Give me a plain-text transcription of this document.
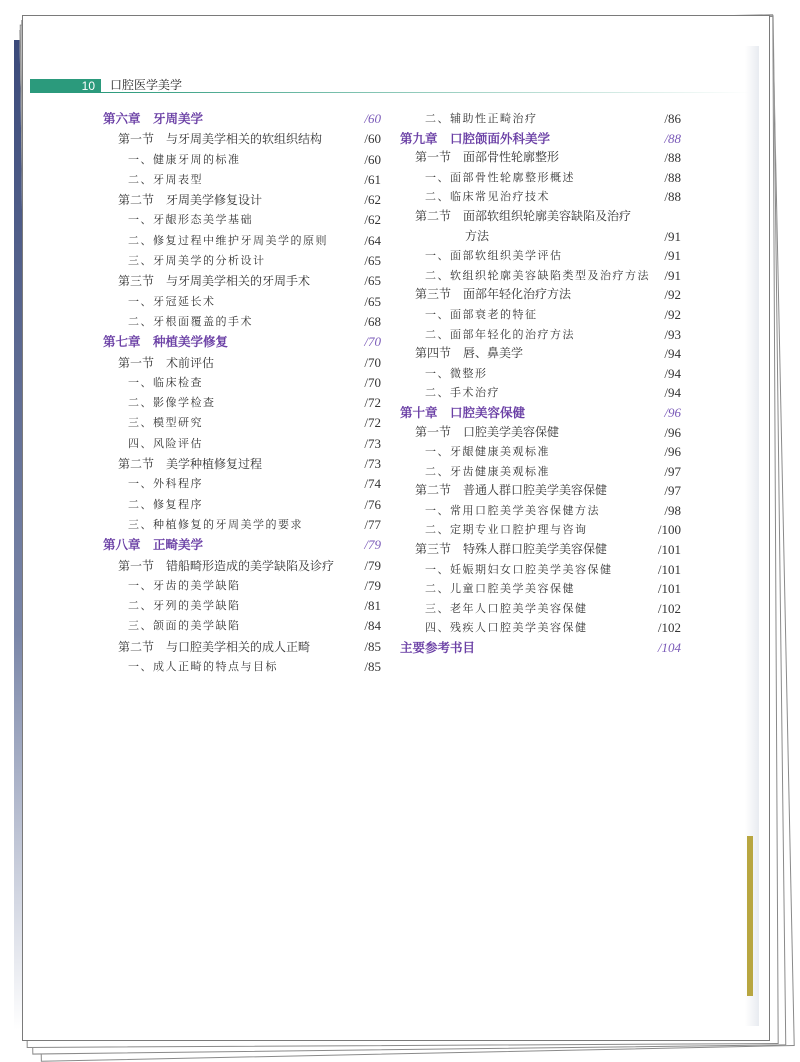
10	口腔医学美学
第六章　牙周美学	/60
第一节　与牙周美学相关的软组织结构	/60
一、健康牙周的标准	/60
二、牙周表型	/61
第二节　牙周美学修复设计	/62
一、牙龈形态美学基础	/62
二、修复过程中维护牙周美学的原则	/64
三、牙周美学的分析设计	/65
第三节　与牙周美学相关的牙周手术	/65
一、牙冠延长术	/65
二、牙根面覆盖的手术	/68
第七章　种植美学修复	/70
第一节　术前评估	/70
一、临床检查	/70
二、影像学检查	/72
三、模型研究	/72
四、风险评估	/73
第二节　美学种植修复过程	/73
一、外科程序	/74
二、修复程序	/76
三、种植修复的牙周美学的要求	/77
第八章　正畸美学	/79
第一节　错船畸形造成的美学缺陷及诊疗 /79
一、牙齿的美学缺陷	/79
二、牙列的美学缺陷	/81
三、颌面的美学缺陷	/84
第二节　与口腔美学相关的成人正畸	/85
一、成人正畸的特点与目标	/85
二、辅助性正畸治疗	/86
第九章　口腔颌面外科美学	/88
第一节　面部骨性轮廓整形	/88
一、面部骨性轮廓整形概述	/88
二、临床常见治疗技术	/88
第二节　面部软组织轮廓美容缺陷及治疗
方法	/91
一、面部软组织美学评估	/91
二、软组织轮廓美容缺陷类型及治疗方法 /91
第三节　面部年轻化治疗方法	/92
一、面部衰老的特征	/92
二、面部年轻化的治疗方法	/93
第四节　唇、鼻美学	/94
一、微整形	/94
二、手术治疗	/94
第十章　口腔美容保健	/96
第一节　口腔美学美容保健	/96
一、牙龈健康美观标准	/96
二、牙齿健康美观标准	/97
第二节　普通人群口腔美学美容保健	/97
一、常用口腔美学美容保健方法	/98
二、定期专业口腔护理与咨询	/100
第三节　特殊人群口腔美学美容保健	/101
一、妊娠期妇女口腔美学美容保健	/101
二、儿童口腔美学美容保健	/101
三、老年人口腔美学美容保健	/102
四、残疾人口腔美学美容保健	/102
主要参考书目	/104
